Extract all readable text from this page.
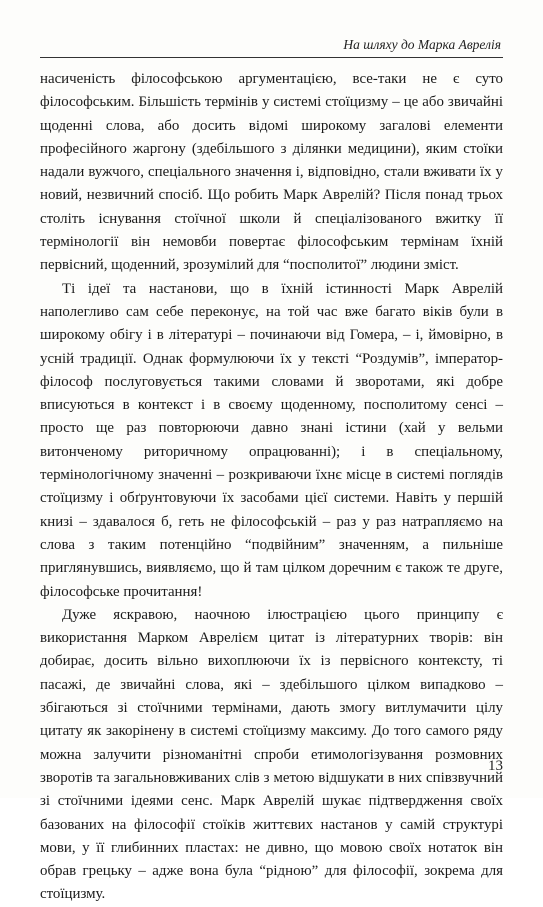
На шляху до Марка Аврелія

насиченість філософською аргументацією, все-таки не є суто філософським. Більшість термінів у системі стоїцизму – це або звичайні щоденні слова, або досить відомі широкому загалові елементи професійного жаргону (здебільшого з ділянки медицини), яким стоїки надали вужчого, спеціального значення і, відповідно, стали вживати їх у новий, незвичний спосіб. Що робить Марк Аврелій? Після понад трьох століть існування стоїчної школи й спеціалізованого вжитку її термінології він немовби повертає філософським термінам їхній первісний, щоденний, зрозумілий для “посполитої” людини зміст.

Ті ідеї та настанови, що в їхній істинності Марк Аврелій наполегливо сам себе переконує, на той час вже багато віків були в широкому обігу і в літературі – починаючи від Гомера, – і, ймовірно, в усній традиції. Однак формулюючи їх у тексті “Роздумів”, імператор-філософ послуговується такими словами й зворотами, які добре вписуються в контекст і в своєму щоденному, посполитому сенсі – просто ще раз повторюючи давно знані істини (хай у вельми витонченому риторичному опрацюванні); і в спеціальному, термінологічному значенні – розкриваючи їхнє місце в системі поглядів стоїцизму і обґрунтовуючи їх засобами цієї системи. Навіть у першій книзі – здавалося б, геть не філософській – раз у раз натрапляємо на слова з таким потенційно “подвійним” значенням, а пильніше приглянувшись, виявляємо, що й там цілком доречним є також те друге, філософське прочитання!

Дуже яскравою, наочною ілюстрацією цього принципу є використання Марком Аврелієм цитат із літературних творів: він добирає, досить вільно вихоплюючи їх із первісного контексту, ті пасажі, де звичайні слова, які – здебільшого цілком випадково – збігаються зі стоїчними термінами, дають змогу витлумачити цілу цитату як закорінену в системі стоїцизму максиму. До того самого ряду можна залучити різноманітні спроби етимологізування розмовних зворотів та загальновживаних слів з метою відшукати в них співзвучний зі стоїчними ідеями сенс. Марк Аврелій шукає підтвердження своїх базованих на філософії стоїків життєвих настанов у самій структурі мови, у її глибинних пластах: не дивно, що мовою своїх нотаток він обрав грецьку – адже вона була “рідною” для філософії, зокрема для стоїцизму.

13
